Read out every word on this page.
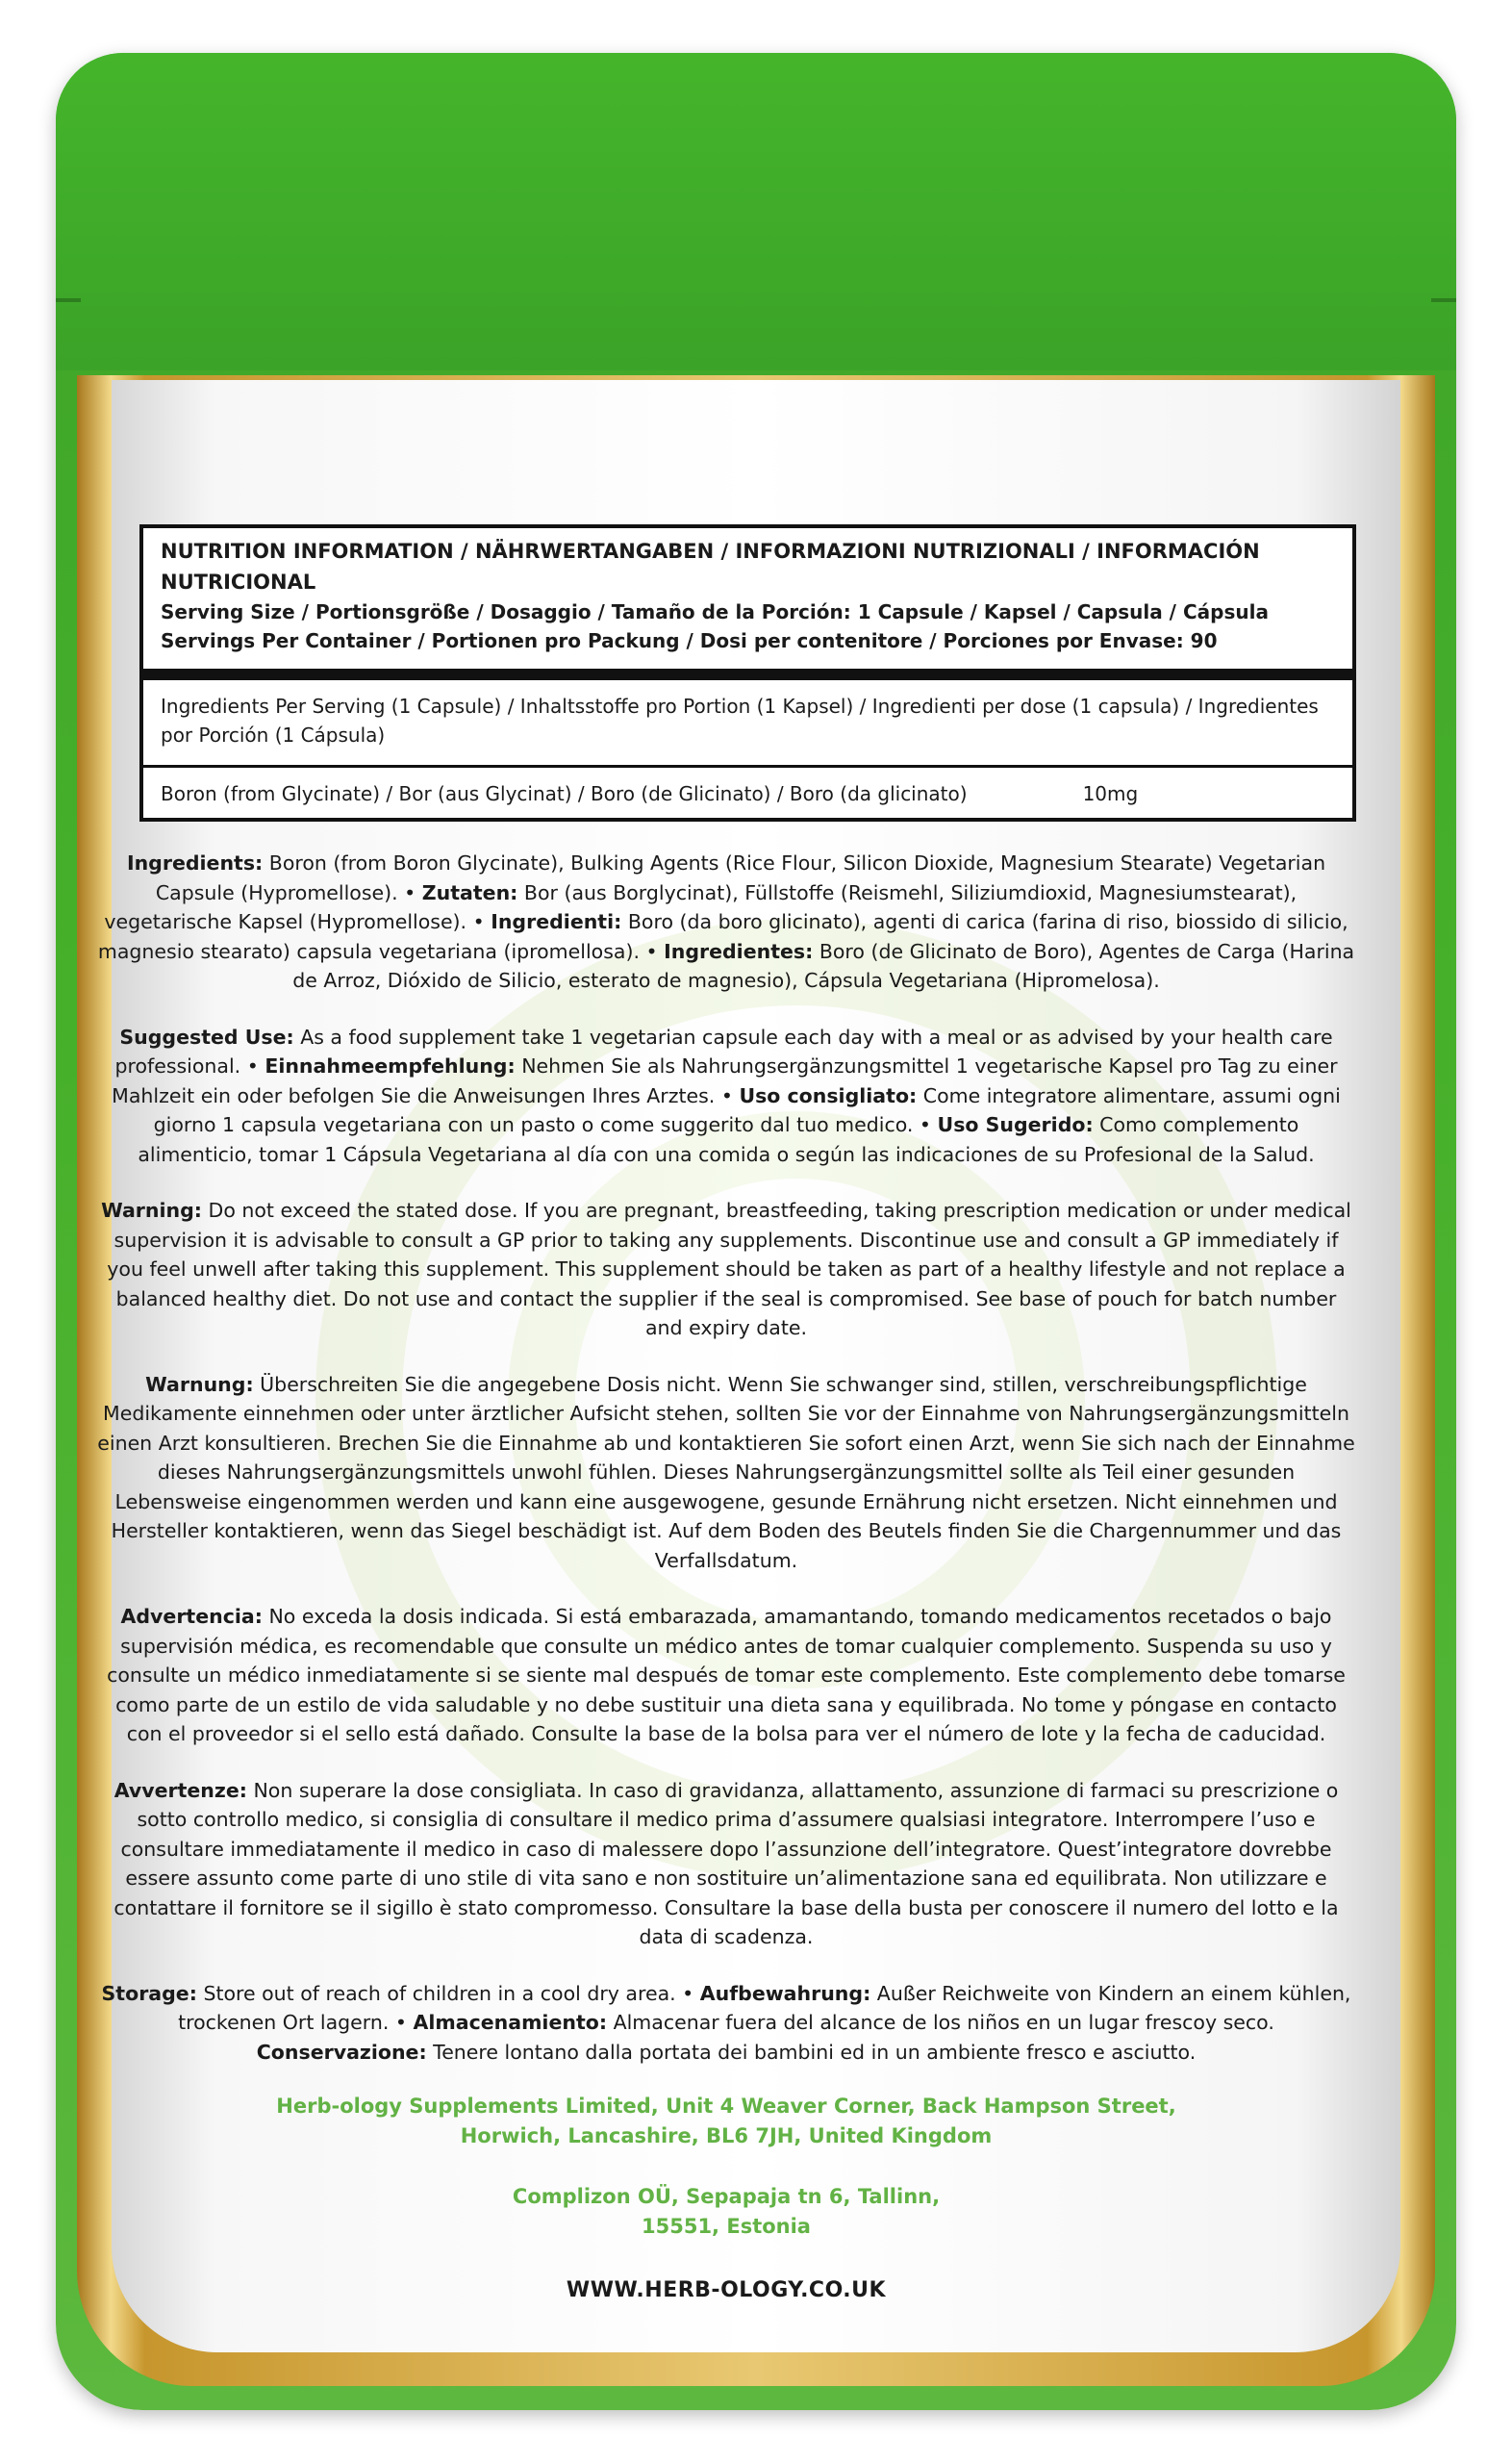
NUTRITION INFORMATION / NÄHRWERTANGABEN / INFORMAZIONI NUTRIZIONALI / INFORMACIÓN NUTRICIONAL
Serving Size / Portionsgröße / Dosaggio / Tamaño de la Porción: 1 Capsule / Kapsel / Capsula / Cápsula
Servings Per Container / Portionen pro Packung / Dosi per contenitore / Porciones por Envase: 90
Ingredients Per Serving (1 Capsule) / Inhaltsstoffe pro Portion (1 Kapsel) / Ingredienti per dose (1 capsula) / Ingredientes por Porción (1 Cápsula)
Boron (from Glycinate) / Bor (aus Glycinat) / Boro (de Glicinato) / Boro (da glicinato)	10mg

Ingredients: Boron (from Boron Glycinate), Bulking Agents (Rice Flour, Silicon Dioxide, Magnesium Stearate) Vegetarian Capsule (Hypromellose). • Zutaten: Bor (aus Borglycinat), Füllstoffe (Reismehl, Siliziumdioxid, Magnesiumstearat), vegetarische Kapsel (Hypromellose). • Ingredienti: Boro (da boro glicinato), agenti di carica (farina di riso, biossido di silicio, magnesio stearato) capsula vegetariana (ipromellosa). • Ingredientes: Boro (de Glicinato de Boro), Agentes de Carga (Harina de Arroz, Dióxido de Silicio, esterato de magnesio), Cápsula Vegetariana (Hipromelosa).

Suggested Use: As a food supplement take 1 vegetarian capsule each day with a meal or as advised by your health care professional. • Einnahmeempfehlung: Nehmen Sie als Nahrungsergänzungsmittel 1 vegetarische Kapsel pro Tag zu einer Mahlzeit ein oder befolgen Sie die Anweisungen Ihres Arztes. • Uso consigliato: Come integratore alimentare, assumi ogni giorno 1 capsula vegetariana con un pasto o come suggerito dal tuo medico. • Uso Sugerido: Como complemento alimenticio, tomar 1 Cápsula Vegetariana al día con una comida o según las indicaciones de su Profesional de la Salud.

Warning: Do not exceed the stated dose. If you are pregnant, breastfeeding, taking prescription medication or under medical supervision it is advisable to consult a GP prior to taking any supplements. Discontinue use and consult a GP immediately if you feel unwell after taking this supplement. This supplement should be taken as part of a healthy lifestyle and not replace a balanced healthy diet. Do not use and contact the supplier if the seal is compromised. See base of pouch for batch number and expiry date.

Warnung: Überschreiten Sie die angegebene Dosis nicht. Wenn Sie schwanger sind, stillen, verschreibungspflichtige Medikamente einnehmen oder unter ärztlicher Aufsicht stehen, sollten Sie vor der Einnahme von Nahrungsergänzungsmitteln einen Arzt konsultieren. Brechen Sie die Einnahme ab und kontaktieren Sie sofort einen Arzt, wenn Sie sich nach der Einnahme dieses Nahrungsergänzungsmittels unwohl fühlen. Dieses Nahrungsergänzungsmittel sollte als Teil einer gesunden Lebensweise eingenommen werden und kann eine ausgewogene, gesunde Ernährung nicht ersetzen. Nicht einnehmen und Hersteller kontaktieren, wenn das Siegel beschädigt ist. Auf dem Boden des Beutels finden Sie die Chargennummer und das Verfallsdatum.

Advertencia: No exceda la dosis indicada. Si está embarazada, amamantando, tomando medicamentos recetados o bajo supervisión médica, es recomendable que consulte un médico antes de tomar cualquier complemento. Suspenda su uso y consulte un médico inmediatamente si se siente mal después de tomar este complemento. Este complemento debe tomarse como parte de un estilo de vida saludable y no debe sustituir una dieta sana y equilibrada. No tome y póngase en contacto con el proveedor si el sello está dañado. Consulte la base de la bolsa para ver el número de lote y la fecha de caducidad.

Avvertenze: Non superare la dose consigliata. In caso di gravidanza, allattamento, assunzione di farmaci su prescrizione o sotto controllo medico, si consiglia di consultare il medico prima d’assumere qualsiasi integratore. Interrompere l’uso e consultare immediatamente il medico in caso di malessere dopo l’assunzione dell’integratore. Quest’integratore dovrebbe essere assunto come parte di uno stile di vita sano e non sostituire un’alimentazione sana ed equilibrata. Non utilizzare e contattare il fornitore se il sigillo è stato compromesso. Consultare la base della busta per conoscere il numero del lotto e la data di scadenza.

Storage: Store out of reach of children in a cool dry area. • Aufbewahrung: Außer Reichweite von Kindern an einem kühlen, trockenen Ort lagern. • Almacenamiento: Almacenar fuera del alcance de los niños en un lugar frescoy seco.
Conservazione: Tenere lontano dalla portata dei bambini ed in un ambiente fresco e asciutto.

Herb-ology Supplements Limited, Unit 4 Weaver Corner, Back Hampson Street,
Horwich, Lancashire, BL6 7JH, United Kingdom
Complizon OÜ, Sepapaja tn 6, Tallinn,
15551, Estonia
WWW.HERB-OLOGY.CO.UK
